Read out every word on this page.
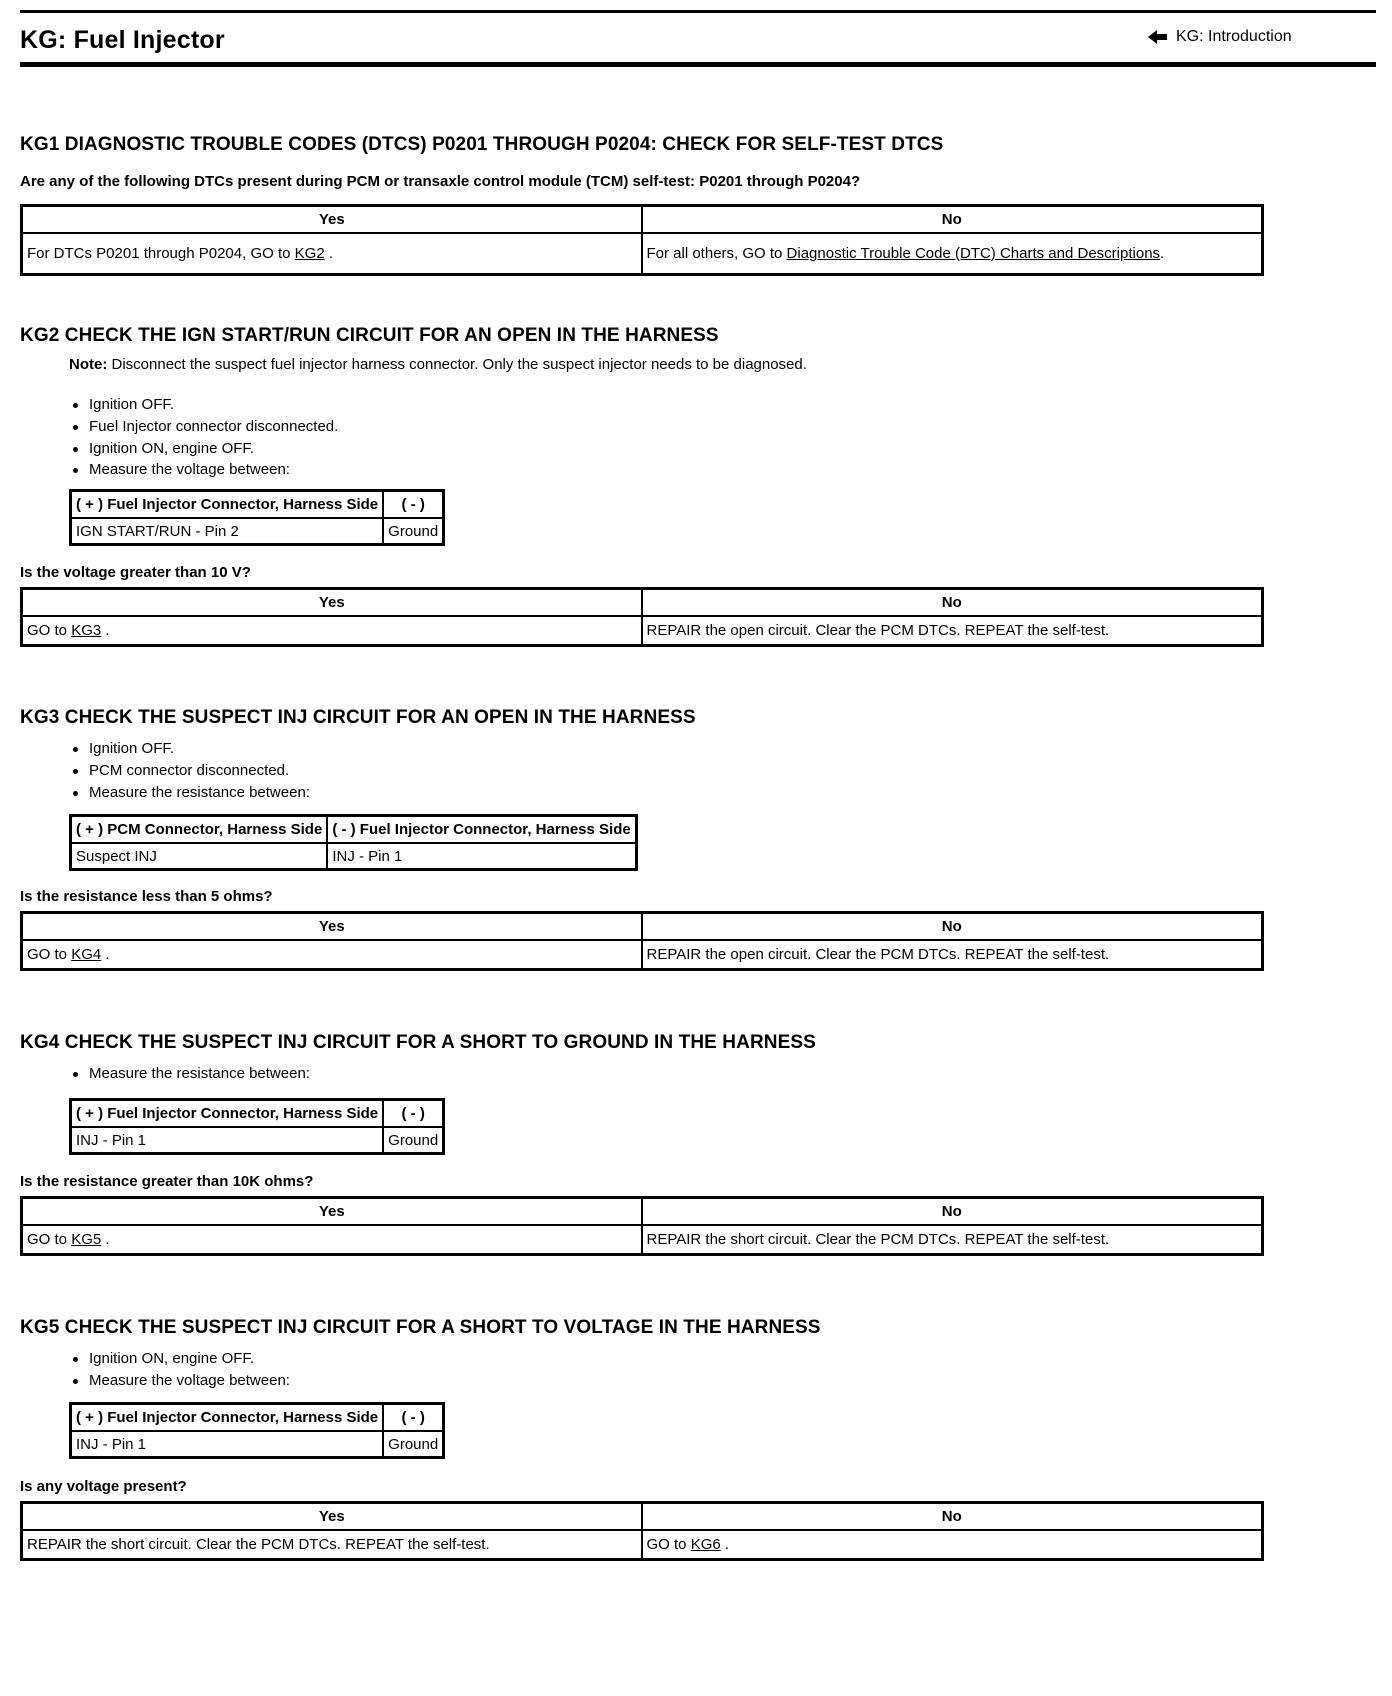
KG: Fuel Injector	KG: Introduction
KG1 DIAGNOSTIC TROUBLE CODES (DTCS) P0201 THROUGH P0204: CHECK FOR SELF-TEST DTCS

Are any of the following DTCs present during PCM or transaxle control module (TCM) self-test: P0201 through P0204?

Yes	No
For DTCs P0201 through P0204, GO to KG2 .	For all others, GO to Diagnostic Trouble Code (DTC) Charts and Descriptions.
KG2 CHECK THE IGN START/RUN CIRCUIT FOR AN OPEN IN THE HARNESS
Note: Disconnect the suspect fuel injector harness connector. Only the suspect injector needs to be diagnosed.
Ignition OFF.
Fuel Injector connector disconnected.
Ignition ON, engine OFF.
Measure the voltage between:
( + ) Fuel Injector Connector, Harness Side	( - )
IGN START/RUN - Pin 2	Ground

Is the voltage greater than 10 V?

Yes	No
GO to KG3 .	REPAIR the open circuit. Clear the PCM DTCs. REPEAT the self-test.
KG3 CHECK THE SUSPECT INJ CIRCUIT FOR AN OPEN IN THE HARNESS
Ignition OFF.
PCM connector disconnected.
Measure the resistance between:
( + ) PCM Connector, Harness Side	( - ) Fuel Injector Connector, Harness Side
Suspect INJ	INJ - Pin 1

Is the resistance less than 5 ohms?

Yes	No
GO to KG4 .	REPAIR the open circuit. Clear the PCM DTCs. REPEAT the self-test.
KG4 CHECK THE SUSPECT INJ CIRCUIT FOR A SHORT TO GROUND IN THE HARNESS
Measure the resistance between:
( + ) Fuel Injector Connector, Harness Side	( - )
INJ - Pin 1	Ground

Is the resistance greater than 10K ohms?

Yes	No
GO to KG5 .	REPAIR the short circuit. Clear the PCM DTCs. REPEAT the self-test.
KG5 CHECK THE SUSPECT INJ CIRCUIT FOR A SHORT TO VOLTAGE IN THE HARNESS
Ignition ON, engine OFF.
Measure the voltage between:
( + ) Fuel Injector Connector, Harness Side	( - )
INJ - Pin 1	Ground

Is any voltage present?

Yes	No
REPAIR the short circuit. Clear the PCM DTCs. REPEAT the self-test.	GO to KG6 .
